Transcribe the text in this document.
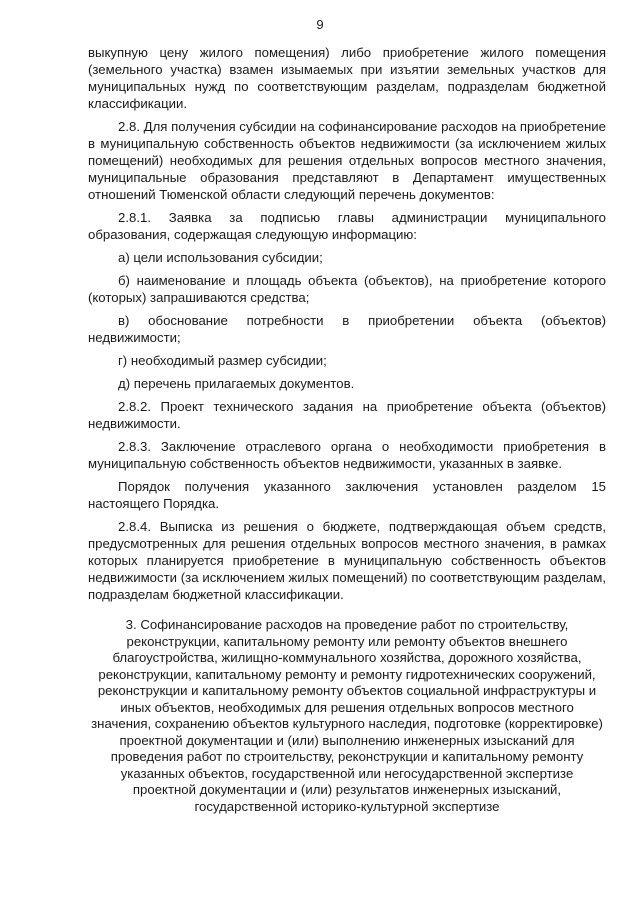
9

выкупную цену жилого помещения) либо приобретение жилого помещения (земельного участка) взамен изымаемых при изъятии земельных участков для муниципальных нужд по соответствующим разделам, подразделам бюджетной классификации.

2.8. Для получения субсидии на софинансирование расходов на приобретение в муниципальную собственность объектов недвижимости (за исключением жилых помещений) необходимых для решения отдельных вопросов местного значения, муниципальные образования представляют в Департамент имущественных отношений Тюменской области следующий перечень документов:

2.8.1. Заявка за подписью главы администрации муниципального образования, содержащая следующую информацию:

а) цели использования субсидии;

б) наименование и площадь объекта (объектов), на приобретение которого (которых) запрашиваются средства;

в) обоснование потребности в приобретении объекта (объектов) недвижимости;

г) необходимый размер субсидии;

д) перечень прилагаемых документов.

2.8.2. Проект технического задания на приобретение объекта (объектов) недвижимости.

2.8.3. Заключение отраслевого органа о необходимости приобретения в муниципальную собственность объектов недвижимости, указанных в заявке.

Порядок получения указанного заключения установлен разделом 15 настоящего Порядка.

2.8.4. Выписка из решения о бюджете, подтверждающая объем средств, предусмотренных для решения отдельных вопросов местного значения, в рамках которых планируется приобретение в муниципальную собственность объектов недвижимости (за исключением жилых помещений) по соответствующим разделам, подразделам бюджетной классификации.

3. Софинансирование расходов на проведение работ по строительству, реконструкции, капитальному ремонту или ремонту объектов внешнего благоустройства, жилищно-коммунального хозяйства, дорожного хозяйства, реконструкции, капитальному ремонту и ремонту гидротехнических сооружений, реконструкции и капитальному ремонту объектов социальной инфраструктуры и иных объектов, необходимых для решения отдельных вопросов местного значения, сохранению объектов культурного наследия, подготовке (корректировке) проектной документации и (или) выполнению инженерных изысканий для проведения работ по строительству, реконструкции и капитальному ремонту указанных объектов, государственной или негосударственной экспертизе проектной документации и (или) результатов инженерных изысканий, государственной историко-культурной экспертизе
